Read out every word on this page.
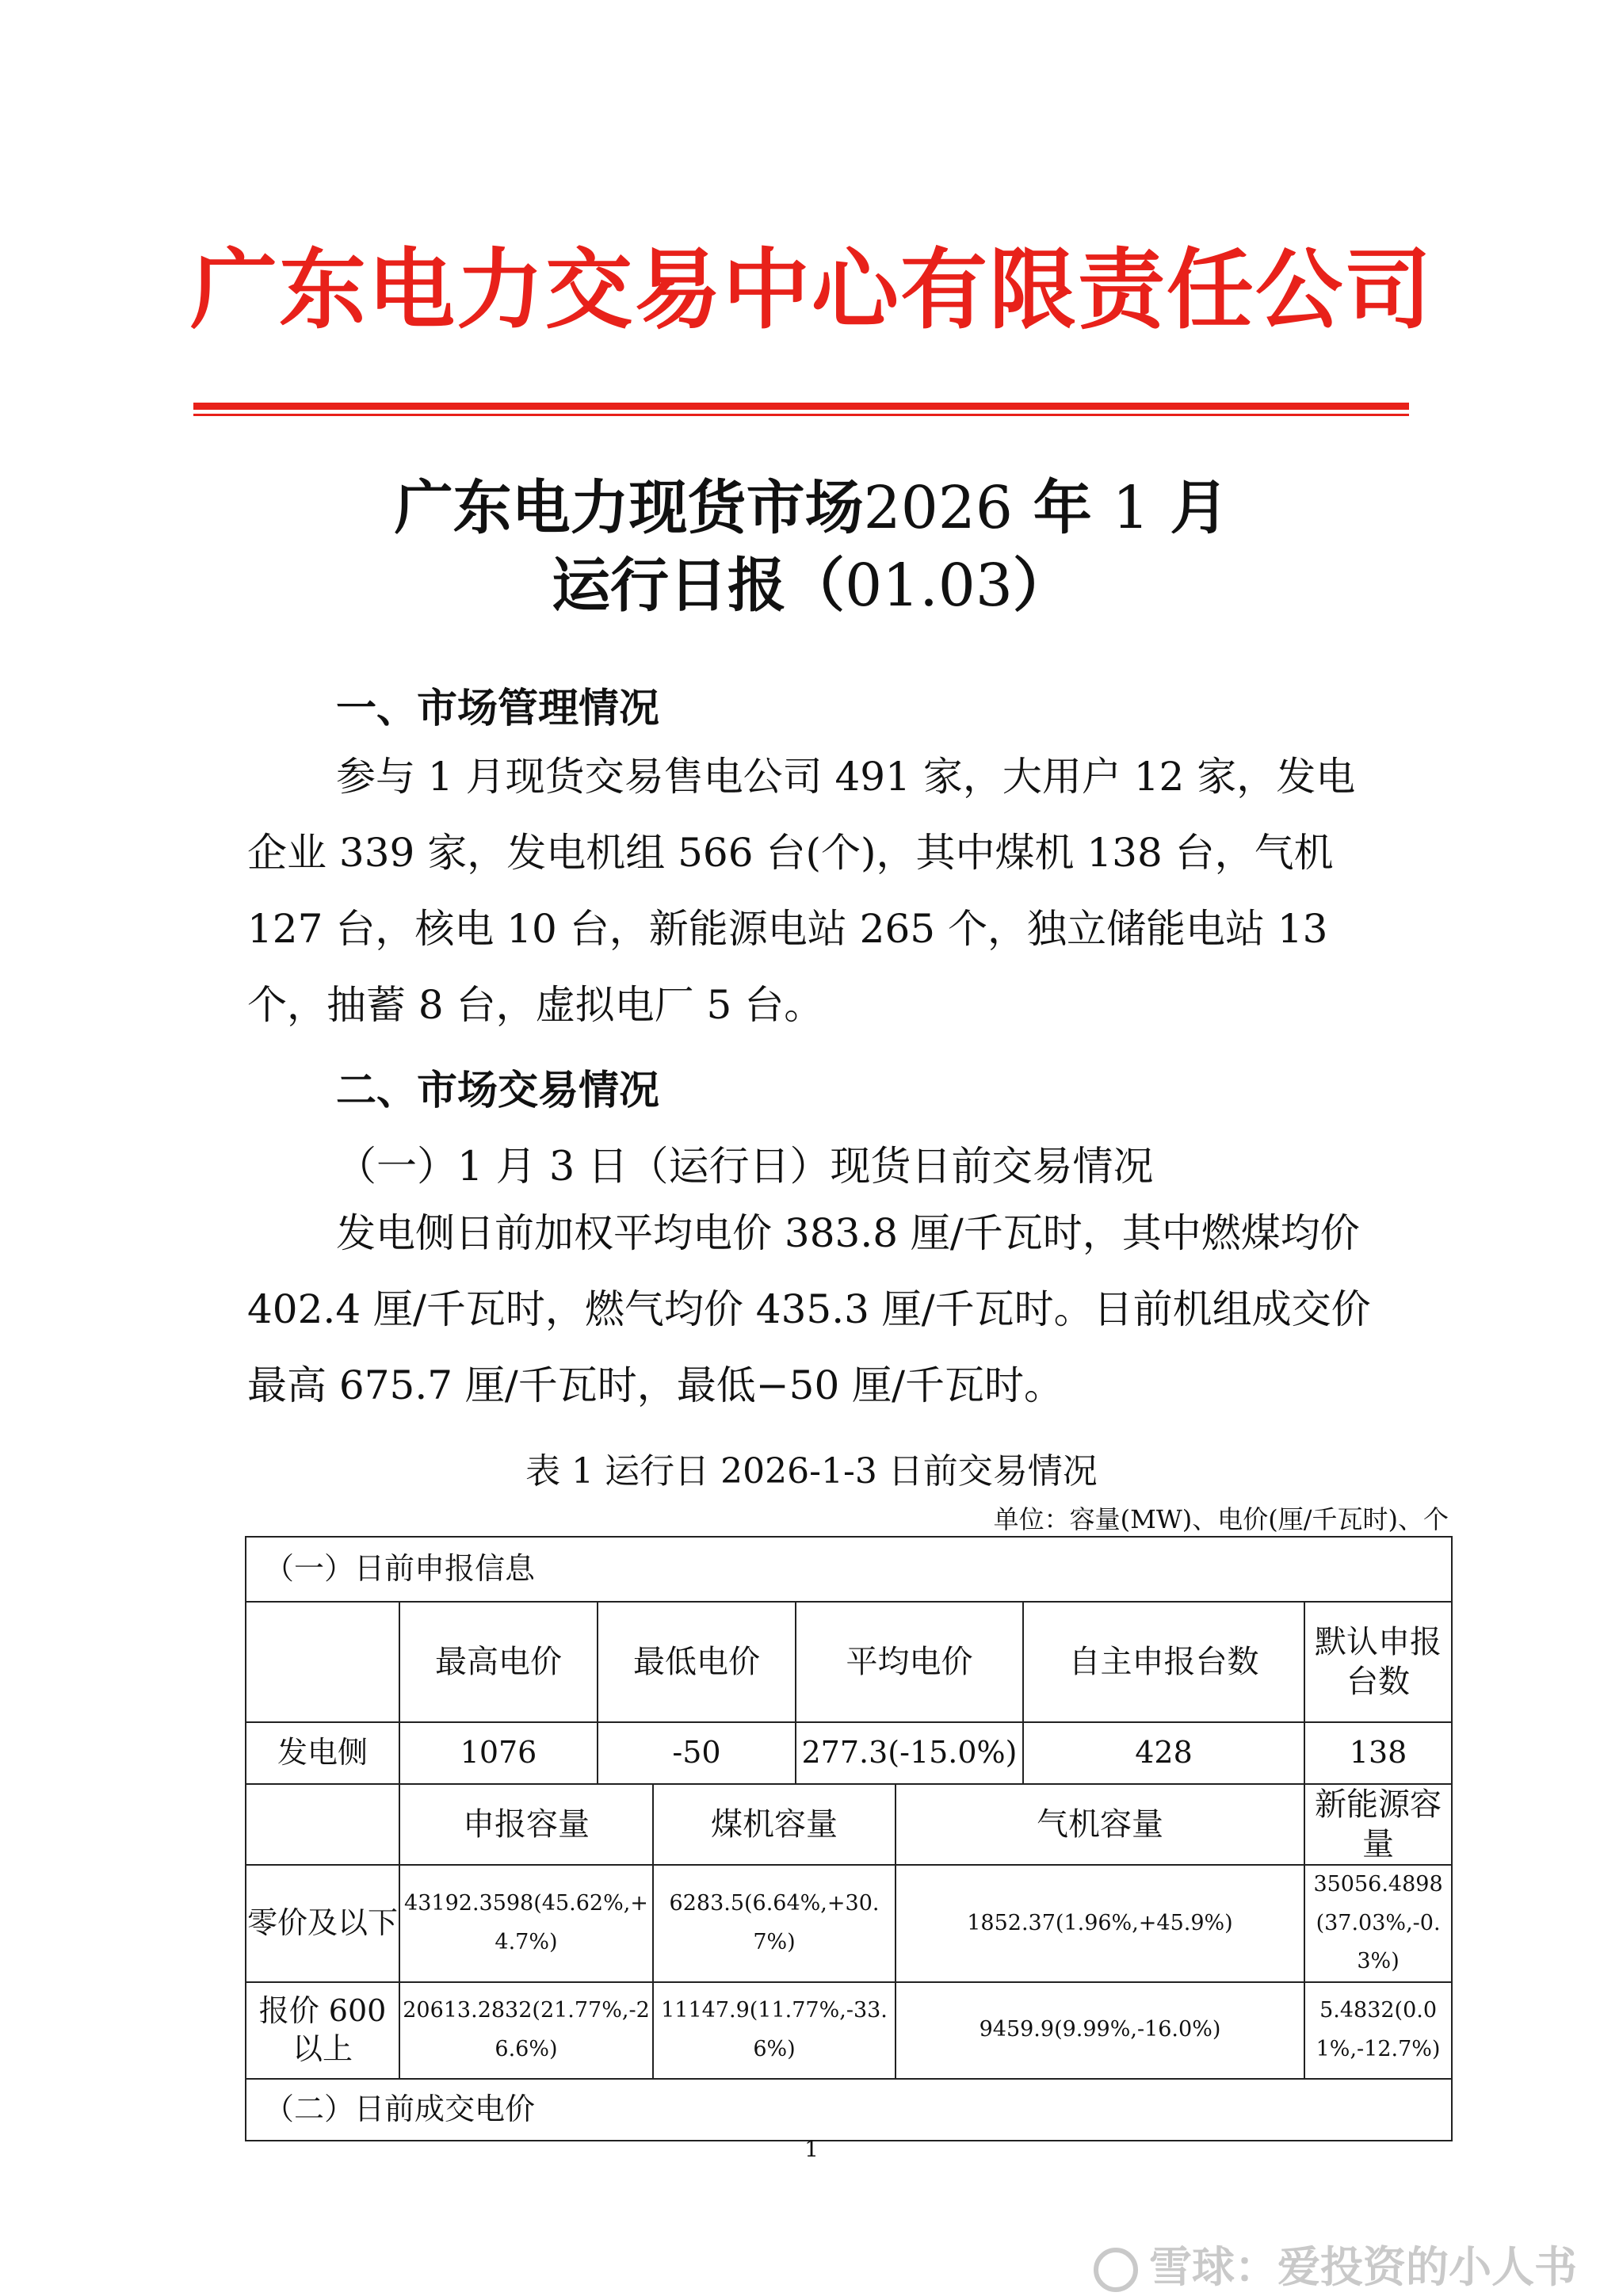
广东电力交易中心有限责任公司
广东电力现货市场2026 年 1 月
运行日报（01.03）
一、市场管理情况
参与 1 月现货交易售电公司 491 家，大用户 12 家，发电企业 339 家，发电机组 566 台(个)，其中煤机 138 台，气机 127 台，核电 10 台，新能源电站 265 个，独立储能电站 13 个，抽蓄 8 台，虚拟电厂 5 台。
二、市场交易情况
（一）1 月 3 日（运行日）现货日前交易情况
发电侧日前加权平均电价 383.8 厘/千瓦时，其中燃煤均价 402.4 厘/千瓦时，燃气均价 435.3 厘/千瓦时。日前机组成交价最高 675.7 厘/千瓦时，最低−50 厘/千瓦时。
表 1 运行日 2026-1-3 日前交易情况
单位：容量(MW)、电价(厘/千瓦时)、个
（一）日前申报信息							
	最高电价	最低电价		平均电价		自主申报台数	默认申报台数
发电侧	1076	-50		277.3(-15.0%)		428	138
	申报容量		煤机容量		气机容量		新能源容量
零价及以下	43192.3598(45.62%,+4.7%)		6283.5(6.64%,+30.7%)		1852.37(1.96%,+45.9%)		35056.4898(37.03%,-0.3%)
报价 600 以上	20613.2832(21.77%,-26.6%)		11147.9(11.77%,-33.6%)		9459.9(9.99%,-16.0%)		5.4832(0.01%,-12.7%)
（二）日前成交电价							
1
雪球：爱投资的小人书
